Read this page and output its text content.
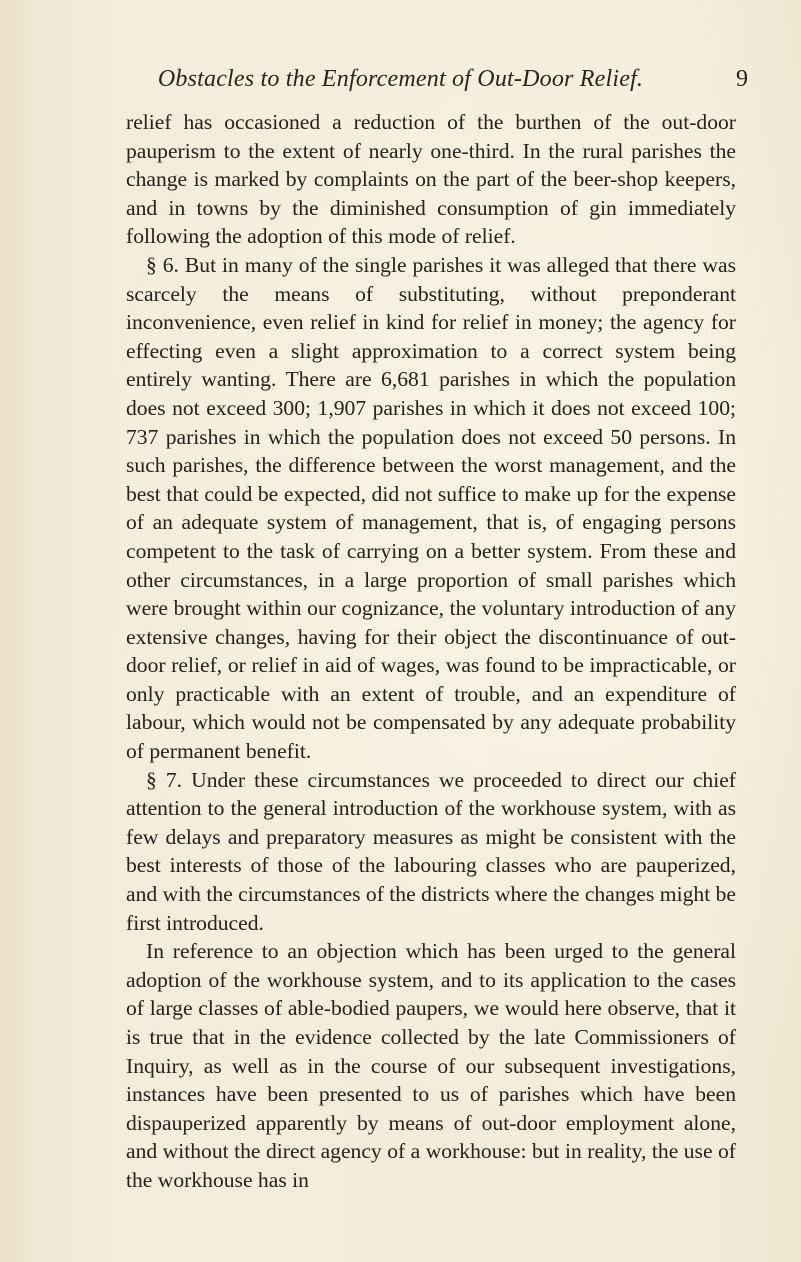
Obstacles to the Enforcement of Out-Door Relief.	9

relief has occasioned a reduction of the burthen of the out-door pauperism to the extent of nearly one-third. In the rural parishes the change is marked by complaints on the part of the beer-shop keepers, and in towns by the diminished consumption of gin immediately following the adoption of this mode of relief.

§ 6. But in many of the single parishes it was alleged that there was scarcely the means of substituting, without preponderant inconvenience, even relief in kind for relief in money; the agency for effecting even a slight approximation to a correct system being entirely wanting. There are 6,681 parishes in which the population does not exceed 300; 1,907 parishes in which it does not exceed 100; 737 parishes in which the population does not exceed 50 persons. In such parishes, the difference between the worst management, and the best that could be expected, did not suffice to make up for the expense of an adequate system of management, that is, of engaging persons competent to the task of carrying on a better system. From these and other circumstances, in a large proportion of small parishes which were brought within our cognizance, the voluntary introduction of any extensive changes, having for their object the discontinuance of out-door relief, or relief in aid of wages, was found to be impracticable, or only practicable with an extent of trouble, and an expenditure of labour, which would not be compensated by any adequate probability of permanent benefit.

§ 7. Under these circumstances we proceeded to direct our chief attention to the general introduction of the workhouse system, with as few delays and preparatory measures as might be consistent with the best interests of those of the labouring classes who are pauperized, and with the circumstances of the districts where the changes might be first introduced.

In reference to an objection which has been urged to the general adoption of the workhouse system, and to its application to the cases of large classes of able-bodied paupers, we would here observe, that it is true that in the evidence collected by the late Commissioners of Inquiry, as well as in the course of our subsequent investigations, instances have been presented to us of parishes which have been dispauperized apparently by means of out-door employment alone, and without the direct agency of a workhouse: but in reality, the use of the workhouse has in
